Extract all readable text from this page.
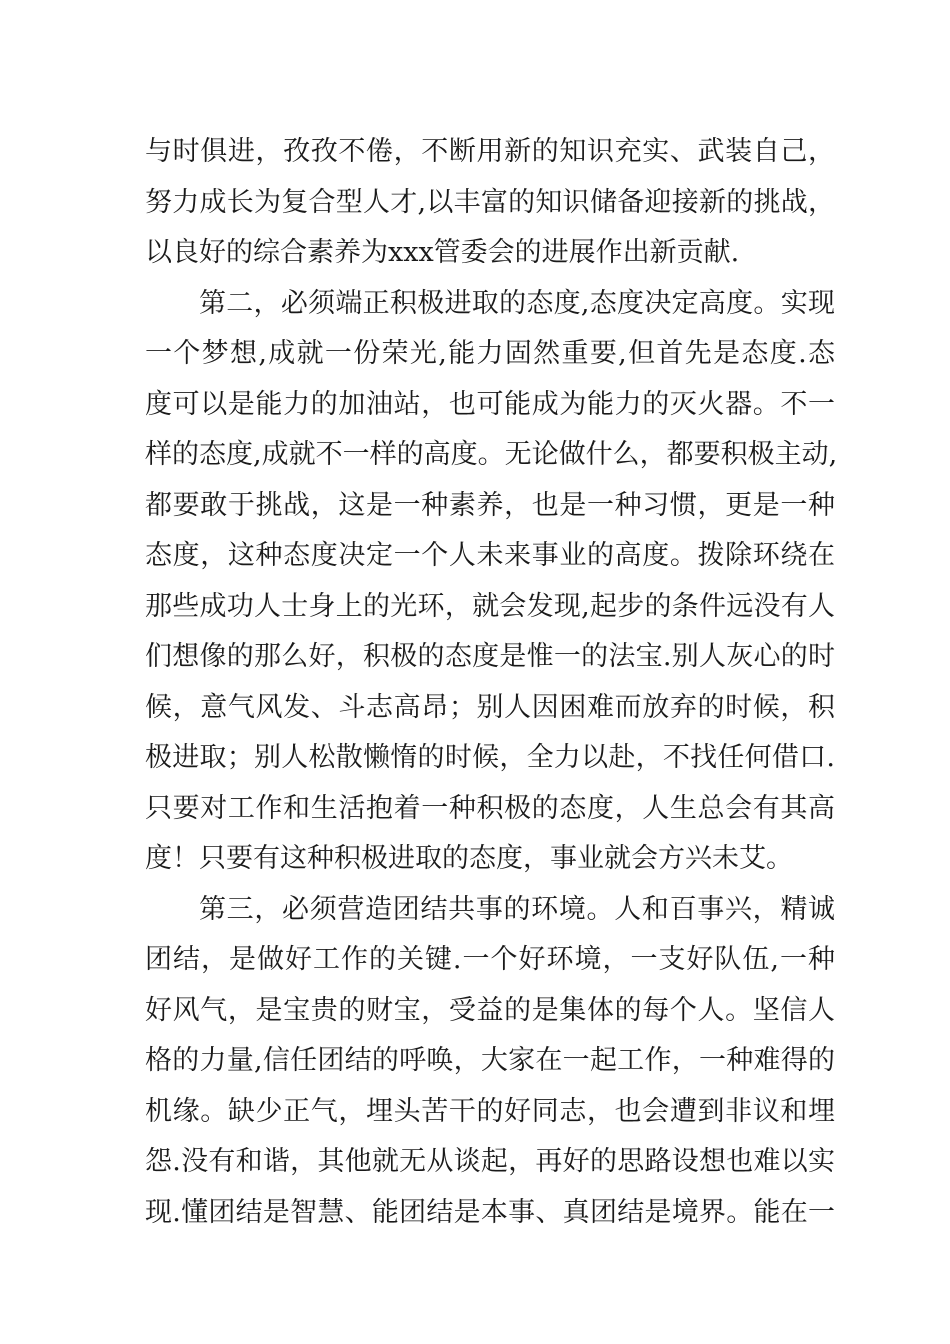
与时俱进，孜孜不倦，不断用新的知识充实、武装自己，
努力成长为复合型人才,以丰富的知识储备迎接新的挑战，
以良好的综合素养为xxx管委会的进展作出新贡献.
第二，必须端正积极进取的态度,态度决定高度。实现
一个梦想,成就一份荣光,能力固然重要,但首先是态度.态
度可以是能力的加油站，也可能成为能力的灭火器。不一
样的态度,成就不一样的高度。无论做什么，都要积极主动,
都要敢于挑战，这是一种素养，也是一种习惯，更是一种
态度，这种态度决定一个人未来事业的高度。拨除环绕在
那些成功人士身上的光环，就会发现,起步的条件远没有人
们想像的那么好，积极的态度是惟一的法宝.别人灰心的时
候，意气风发、斗志高昂；别人因困难而放弃的时候，积
极进取；别人松散懒惰的时候，全力以赴，不找任何借口.
只要对工作和生活抱着一种积极的态度，人生总会有其高
度！只要有这种积极进取的态度，事业就会方兴未艾。
第三，必须营造团结共事的环境。人和百事兴，精诚
团结，是做好工作的关键.一个好环境，一支好队伍,一种
好风气，是宝贵的财宝，受益的是集体的每个人。坚信人
格的力量,信任团结的呼唤，大家在一起工作，一种难得的
机缘。缺少正气，埋头苦干的好同志，也会遭到非议和埋
怨.没有和谐，其他就无从谈起，再好的思路设想也难以实
现.懂团结是智慧、能团结是本事、真团结是境界。能在一
